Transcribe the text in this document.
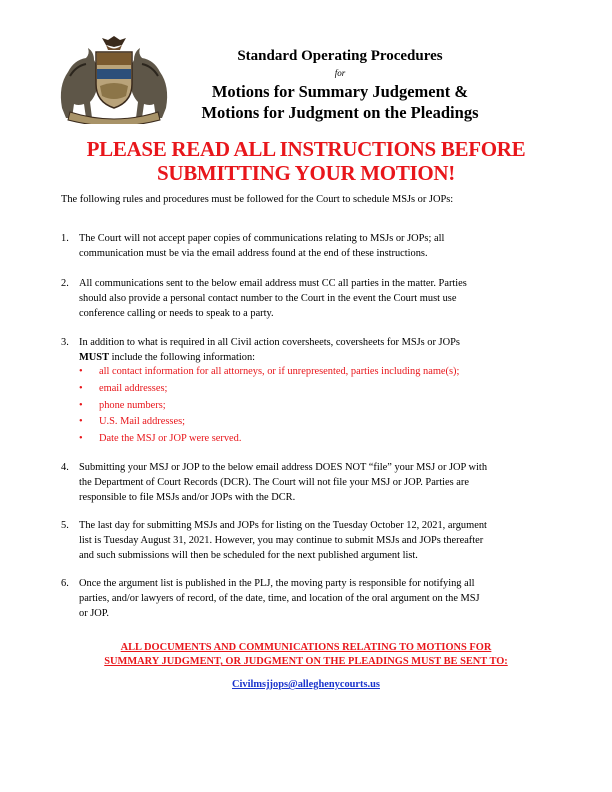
Standard Operating Procedures
for
Motions for Summary Judgement &
Motions for Judgment on the Pleadings
PLEASE READ ALL INSTRUCTIONS BEFORE
SUBMITTING YOUR MOTION!
The following rules and procedures must be followed for the Court to schedule MSJs or JOPs:
1. The Court will not accept paper copies of communications relating to MSJs or JOPs; all
communication must be via the email address found at the end of these instructions.
2. All communications sent to the below email address must CC all parties in the matter. Parties
should also provide a personal contact number to the Court in the event the Court must use
conference calling or needs to speak to a party.
3. In addition to what is required in all Civil action coversheets, coversheets for MSJs or JOPs
MUST include the following information:
• all contact information for all attorneys, or if unrepresented, parties including name(s);
• email addresses;
• phone numbers;
• U.S. Mail addresses;
• Date the MSJ or JOP were served.
4. Submitting your MSJ or JOP to the below email address DOES NOT “file” your MSJ or JOP with
the Department of Court Records (DCR). The Court will not file your MSJ or JOP. Parties are
responsible to file MSJs and/or JOPs with the DCR.
5. The last day for submitting MSJs and JOPs for listing on the Tuesday October 12, 2021, argument
list is Tuesday August 31, 2021. However, you may continue to submit MSJs and JOPs thereafter
and such submissions will then be scheduled for the next published argument list.
6. Once the argument list is published in the PLJ, the moving party is responsible for notifying all
parties, and/or lawyers of record, of the date, time, and location of the oral argument on the MSJ
or JOP.
ALL DOCUMENTS AND COMMUNICATIONS RELATING TO MOTIONS FOR
SUMMARY JUDGMENT, OR JUDGMENT ON THE PLEADINGS MUST BE SENT TO:
Civilmsjjops@alleghenycourts.us
